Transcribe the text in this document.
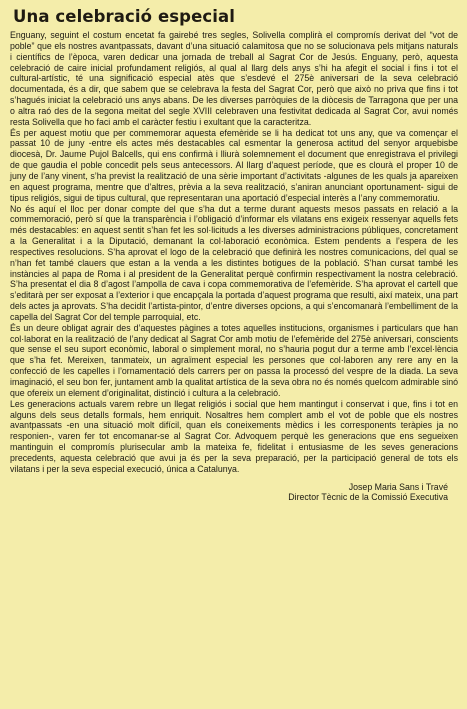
Una celebració especial

Enguany, seguint el costum encetat fa gairebé tres segles, Solivella complirà el compromís derivat del “vot de poble” que els nostres avantpassats, davant d’una situació calamitosa que no se solucionava pels mitjans naturals i científics de l’època, varen dedicar una jornada de treball al Sagrat Cor de Jesús. Enguany, però, aquesta celebració de caire inicial profundament religiós, al qual al llarg dels anys s’hi ha afegit el social i fins i tot el cultural-artístic, té una significació especial atès que s’esdevé el 275è aniversari de la seva celebració documentada, és a dir, que sabem que se celebrava la festa del Sagrat Cor, però que això no priva que fins i tot s’hagués iniciat la celebració uns anys abans. De les diverses parròquies de la diòcesis de Tarragona que per una o altra raó des de la segona meitat del segle XVIII celebraven una festivitat dedicada al Sagrat Cor, avui només resta Solivella que ho faci amb el caràcter festiu i exultant que la caracteritza.

És per aquest motiu que per commemorar aquesta efemèride se li ha dedicat tot uns any, que va començar el passat 10 de juny -entre els actes més destacables cal esmentar la generosa actitud del senyor arquebisbe diocesà, Dr. Jaume Pujol Balcells, qui ens confirmà i lliurà solemnement el document que enregistrava el privilegi de que gaudia el poble concedit pels seus antecessors. Al llarg d’aquest període, que es clourà el proper 10 de juny de l’any vinent, s’ha previst la realització de una sèrie important d’activitats -algunes de les quals ja apareixen en aquest programa, mentre que d’altres, prèvia a la seva realització, s’aniran anunciant oportunament- sigui de tipus religiós, sigui de tipus cultural, que representaran una aportació d’especial interès a l’any commemoratiu.

No és aquí el lloc per donar compte del que s’ha dut a terme durant aquests mesos passats en relació a la commemoració, però sí que la transparència i l’obligació d’informar els vilatans ens exigeix ressenyar aquells fets més destacables: en aquest sentit s’han fet les sol·licituds a les diverses administracions públiques, concretament a la Generalitat i a la Diputació, demanant la col·laboració econòmica. Estem pendents a l’espera de les respectives resolucions. S’ha aprovat el logo de la celebració que definirà les nostres comunicacions, del qual se n’han fet també clauers que estan a la venda a les distintes botigues de la població. S’han cursat també les instàncies al papa de Roma i al president de la Generalitat perquè confirmin respectivament la nostra celebració. S’ha presentat el dia 8 d’agost l’ampolla de cava i copa commemorativa de l’efemèride. S’ha aprovat el cartell que s’editarà per ser exposat a l’exterior i que encapçala la portada d’aquest programa que resulti, així mateix, una part dels actes ja aprovats. S’ha decidit l’artista-pintor, d’entre diverses opcions, a qui s’encomanarà l’embelliment de la capella del Sagrat Cor del temple parroquial, etc.

És un deure obligat agrair des d’aquestes pàgines a totes aquelles institucions, organismes i particulars que han col·laborat en la realització de l’any dedicat al Sagrat Cor amb motiu de l’efemèride del 275è aniversari, conscients que sense el seu suport econòmic, laboral o simplement moral, no s’hauria pogut dur a terme amb l’excel·lència que s’ha fet. Mereixen, tanmateix, un agraïment especial les persones que col·laboren any rere any en la confecció de les capelles i l’ornamentació dels carrers per on passa la processó del vespre de la diada. La seva imaginació, el seu bon fer, juntament amb la qualitat artística de la seva obra no és només quelcom admirable sinó que ofereix un element d’originalitat, distinció i cultura a la celebració.

Les generacions actuals varem rebre un llegat religiós i social que hem mantingut i conservat i que, fins i tot en alguns dels seus detalls formals, hem enriquit. Nosaltres hem complert amb el vot de poble que els nostres avantpassats -en una situació molt difícil, quan els coneixements mèdics i les corresponents teràpies ja no responien-, varen fer tot encomanar-se al Sagrat Cor. Advoquem perquè les generacions que ens segueixen mantinguin el compromís plurisecular amb la mateixa fe, fidelitat i entusiasme de les seves generacions precedents, aquesta celebració que avui ja és per la seva preparació, per la participació general de tots els vilatans i per la seva especial execució, única a Catalunya.

Josep Maria Sans i Travé
Director Tècnic de la Comissió Executiva
